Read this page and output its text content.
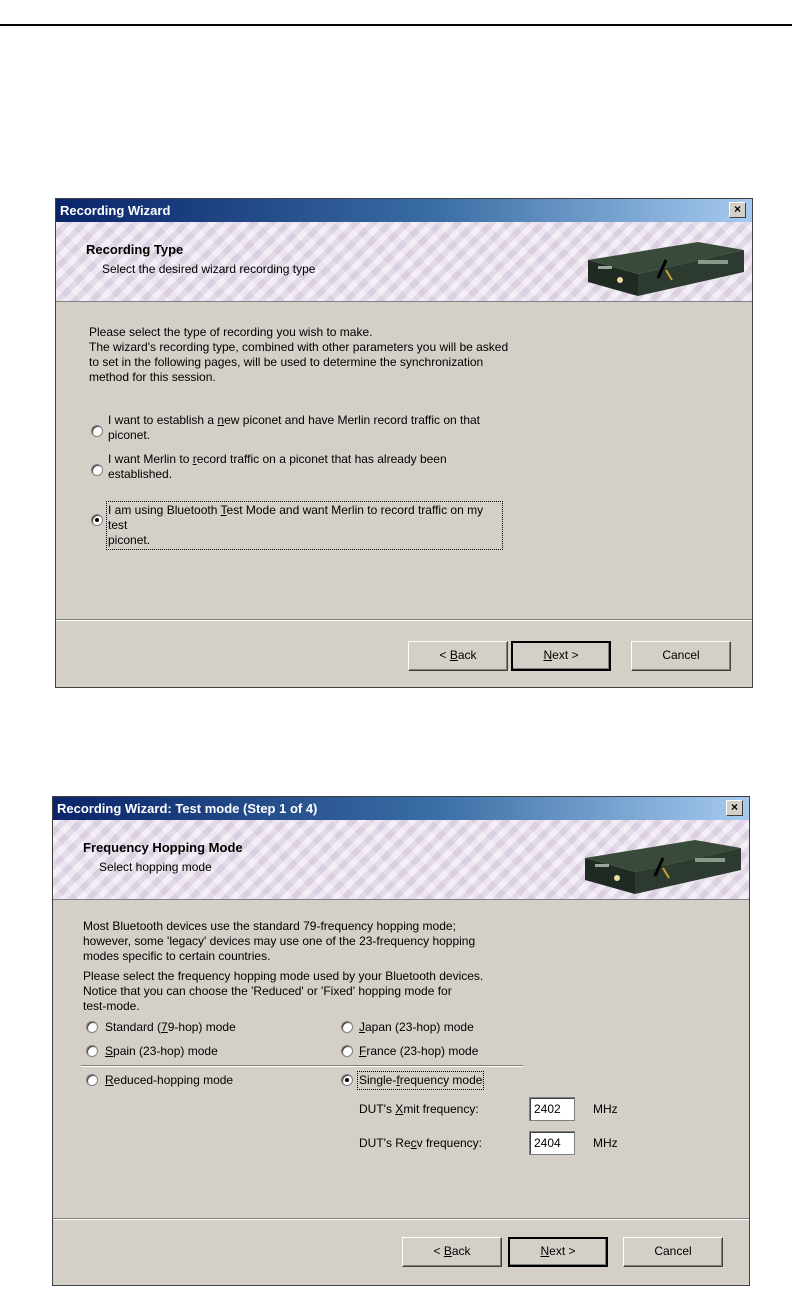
Recording Wizard	×
Recording Type
Select the desired wizard recording type
Please select the type of recording you wish to make.
The wizard's recording type, combined with other parameters you will be asked
to set in the following pages, will be used to determine the synchronization
method for this session.
I want to establish a new piconet and have Merlin record traffic on that
piconet.
I want Merlin to record traffic on a piconet that has already been
established.
I am using Bluetooth Test Mode and want Merlin to record traffic on my test
piconet.
< Back	Next >	Cancel
Recording Wizard: Test mode (Step 1 of 4)	×
Frequency Hopping Mode
Select hopping mode
Most Bluetooth devices use the standard 79-frequency hopping mode;
however, some 'legacy' devices may use one of the 23-frequency hopping
modes specific to certain countries.
Please select the frequency hopping mode used by your Bluetooth devices.
Notice that you can choose the 'Reduced' or 'Fixed' hopping mode for
test-mode.
Standard (79-hop) mode	Japan (23-hop) mode
Spain (23-hop) mode	France (23-hop) mode
Reduced-hopping mode	Single-frequency mode
DUT's Xmit frequency:	2402	MHz
DUT's Recv frequency:	2404	MHz
< Back	Next >	Cancel
